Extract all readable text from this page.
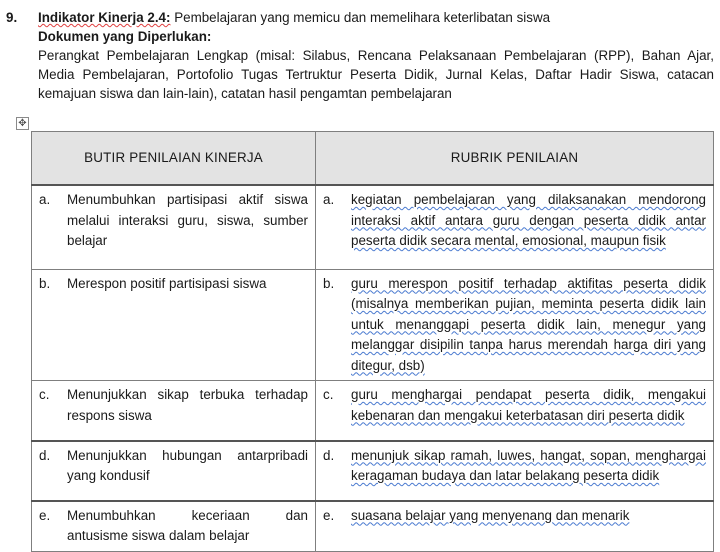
9. Indikator Kinerja 2.4: Pembelajaran yang memicu dan memelihara keterlibatan siswa
Dokumen yang Diperlukan:
Perangkat Pembelajaran Lengkap (misal: Silabus, Rencana Pelaksanaan Pembelajaran (RPP), Bahan Ajar, Media Pembelajaran, Portofolio Tugas Tertruktur Peserta Didik, Jurnal Kelas, Daftar Hadir Siswa, catacan kemajuan siswa dan lain-lain), catatan hasil pengamtan pembelajaran
✥
BUTIR PENILAIAN KINERJA	RUBRIK PENILAIAN

a. Menumbuhkan partisipasi aktif siswa melalui interaksi guru, siswa, sumber belajar	a. kegiatan pembelajaran yang dilaksanakan mendorong interaksi aktif antara guru dengan peserta didik antar peserta didik secara mental, emosional, maupun fisik

b. Merespon positif partisipasi siswa	b. guru merespon positif terhadap aktifitas peserta didik (misalnya memberikan pujian, meminta peserta didik lain untuk menanggapi peserta didik lain, menegur yang melanggar disipilin tanpa harus merendah harga diri yang ditegur, dsb)

c. Menunjukkan sikap terbuka terhadap respons siswa	c. guru menghargai pendapat peserta didik, mengakui kebenaran dan mengakui keterbatasan diri peserta didik

d. Menunjukkan hubungan antarpribadi yang kondusif	d. menunjuk sikap ramah, luwes, hangat, sopan, menghargai keragaman budaya dan latar belakang peserta didik

e. Menumbuhkan keceriaan dan antusisme siswa dalam belajar	e. suasana belajar yang menyenang dan menarik
